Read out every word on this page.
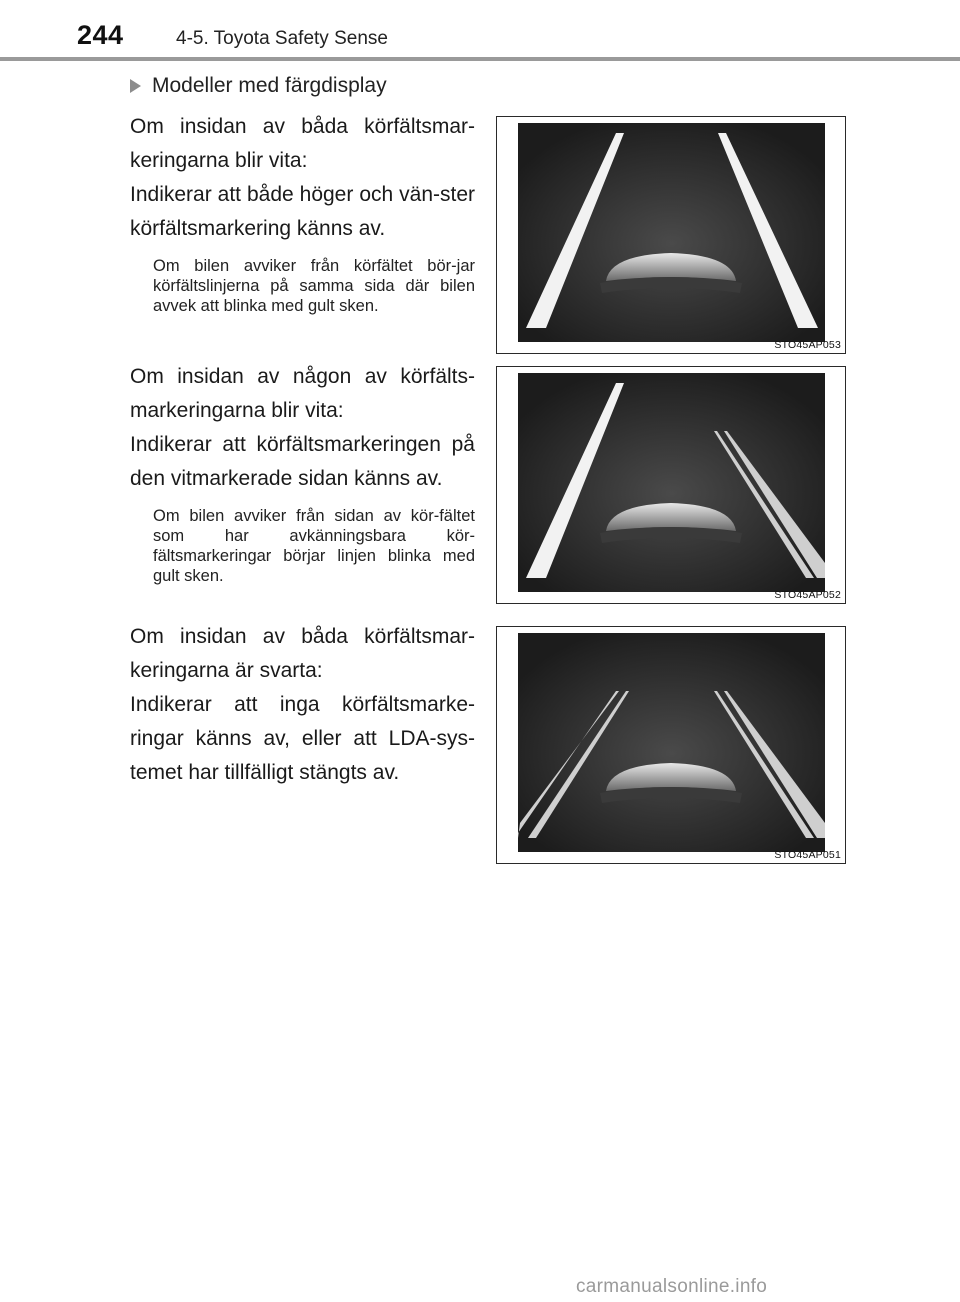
244	4-5. Toyota Safety Sense
Modeller med färgdisplay

Om insidan av båda körfältsmar-keringarna blir vita:

Indikerar att både höger och vän-ster körfältsmarkering känns av.

Om bilen avviker från körfältet bör-jar körfältslinjerna på samma sida där bilen avvek att blinka med gult sken.

STO45AP053

Om insidan av någon av körfälts-markeringarna blir vita:

Indikerar att körfältsmarkeringen på den vitmarkerade sidan känns av.

Om bilen avviker från sidan av kör-fältet som har avkänningsbara kör-fältsmarkeringar börjar linjen blinka med gult sken.

STO45AP052

Om insidan av båda körfältsmar-keringarna är svarta:

Indikerar att inga körfältsmarke-ringar känns av, eller att LDA-sys-temet har tillfälligt stängts av.

STO45AP051
carmanualsonline.info
